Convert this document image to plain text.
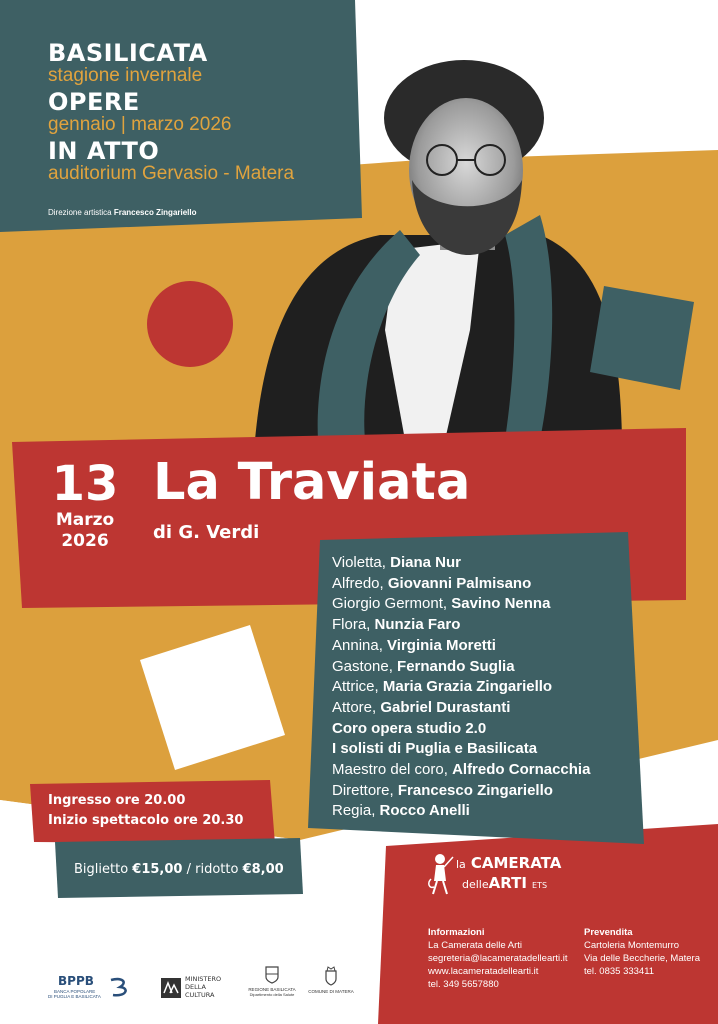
BASILICATA
stagione invernale
OPERE
gennaio | marzo 2026
IN ATTO
auditorium Gervasio - Matera
Direzione artistica Francesco Zingariello
13
Marzo
2026
La Traviata
di G. Verdi
Violetta, Diana Nur
Alfredo, Giovanni Palmisano
Giorgio Germont, Savino Nenna
Flora, Nunzia Faro
Annina, Virginia Moretti
Gastone, Fernando Suglia
Attrice, Maria Grazia Zingariello
Attore, Gabriel Durastanti
Coro opera studio 2.0
I solisti di Puglia e Basilicata
Maestro del coro, Alfredo Cornacchia
Direttore, Francesco Zingariello
Regia, Rocco Anelli
Ingresso ore 20.00
Inizio spettacolo ore 20.30
Biglietto €15,00 / ridotto €8,00	la CAMERATA
delleARTI ETS
Informazioni
La Camerata delle Arti
segreteria@lacameratadellearti.it
www.lacameratadellearti.it
tel. 349 5657880
Prevendita
Cartoleria Montemurro
Via delle Beccherie, Matera
tel. 0835 333411
BPPB
BANCA POPOLARE
DI PUGLIA E BASILICATA
MINISTERO
DELLA
CULTURA
REGIONE BASILICATA
Dipartimento della Salute
COMUNE DI MATERA
